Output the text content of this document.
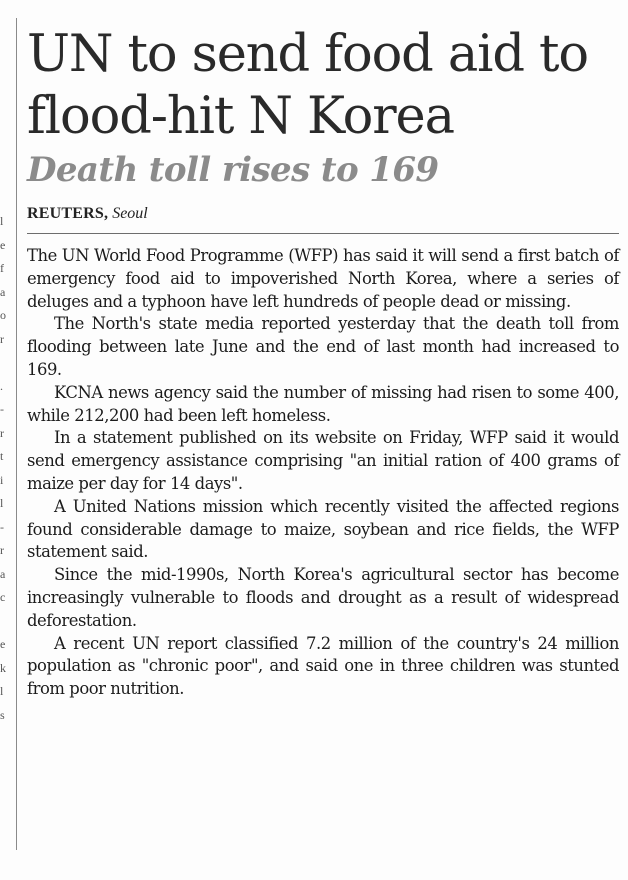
l
e
f
a
o
r
.
-
r
t
i
l
-
r
a
c
e
k
l
s
UN to send food aid to flood-hit N Korea
Death toll rises to 169
REUTERS, Seoul

The UN World Food Programme (WFP) has said it will send a first batch of emergency food aid to impoverished North Korea, where a series of deluges and a typhoon have left hundreds of people dead or missing.

The North's state media reported yesterday that the death toll from flooding between late June and the end of last month had increased to 169.

KCNA news agency said the number of missing had risen to some 400, while 212,200 had been left homeless.

In a statement published on its website on Friday, WFP said it would send emergency assistance comprising "an initial ration of 400 grams of maize per day for 14 days".

A United Nations mission which recently visited the affected regions found considerable damage to maize, soybean and rice fields, the WFP statement said.

Since the mid-1990s, North Korea's agricultural sector has become increasingly vulnerable to floods and drought as a result of widespread deforestation.

A recent UN report classified 7.2 million of the country's 24 million population as "chronic poor", and said one in three children was stunted from poor nutrition.
